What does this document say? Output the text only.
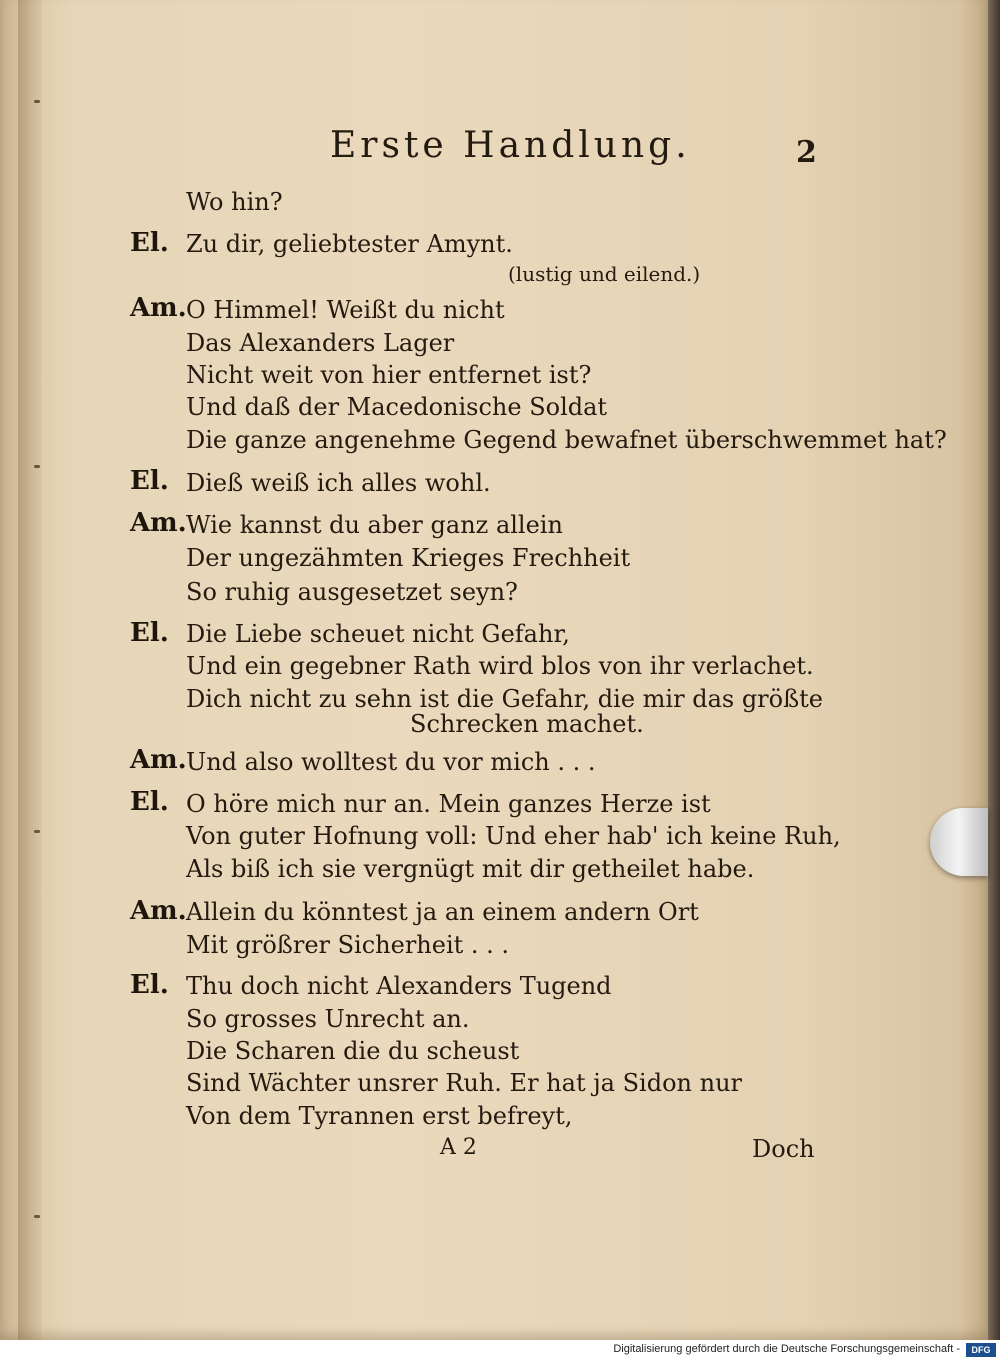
Erste Handlung.	2
El.
Am.
El.
Am.
El.
Am.
El.
Am.
El.
Wo hin?
Zu dir, geliebtester Amynt.
(lustig und eilend.)
O Himmel! Weißt du nicht
Das Alexanders Lager
Nicht weit von hier entfernet ist?
Und daß der Macedonische Soldat
Die ganze angenehme Gegend bewafnet überschwemmet hat?
Dieß weiß ich alles wohl.
Wie kannst du aber ganz allein
Der ungezähmten Krieges Frechheit
So ruhig ausgesetzet seyn?
Die Liebe scheuet nicht Gefahr,
Und ein gegebner Rath wird blos von ihr verlachet.
Dich nicht zu sehn ist die Gefahr, die mir das größte
Schrecken machet.
Und also wolltest du vor mich . . .
O höre mich nur an. Mein ganzes Herze ist
Von guter Hofnung voll: Und eher hab' ich keine Ruh,
Als biß ich sie vergnügt mit dir getheilet habe.
Allein du könntest ja an einem andern Ort
Mit größrer Sicherheit . . .
Thu doch nicht Alexanders Tugend
So grosses Unrecht an.
Die Scharen die du scheust
Sind Wächter unsrer Ruh. Er hat ja Sidon nur
Von dem Tyrannen erst befreyt,
A 2	Doch
Digitalisierung gefördert durch die Deutsche Forschungsgemeinschaft -	DFG
